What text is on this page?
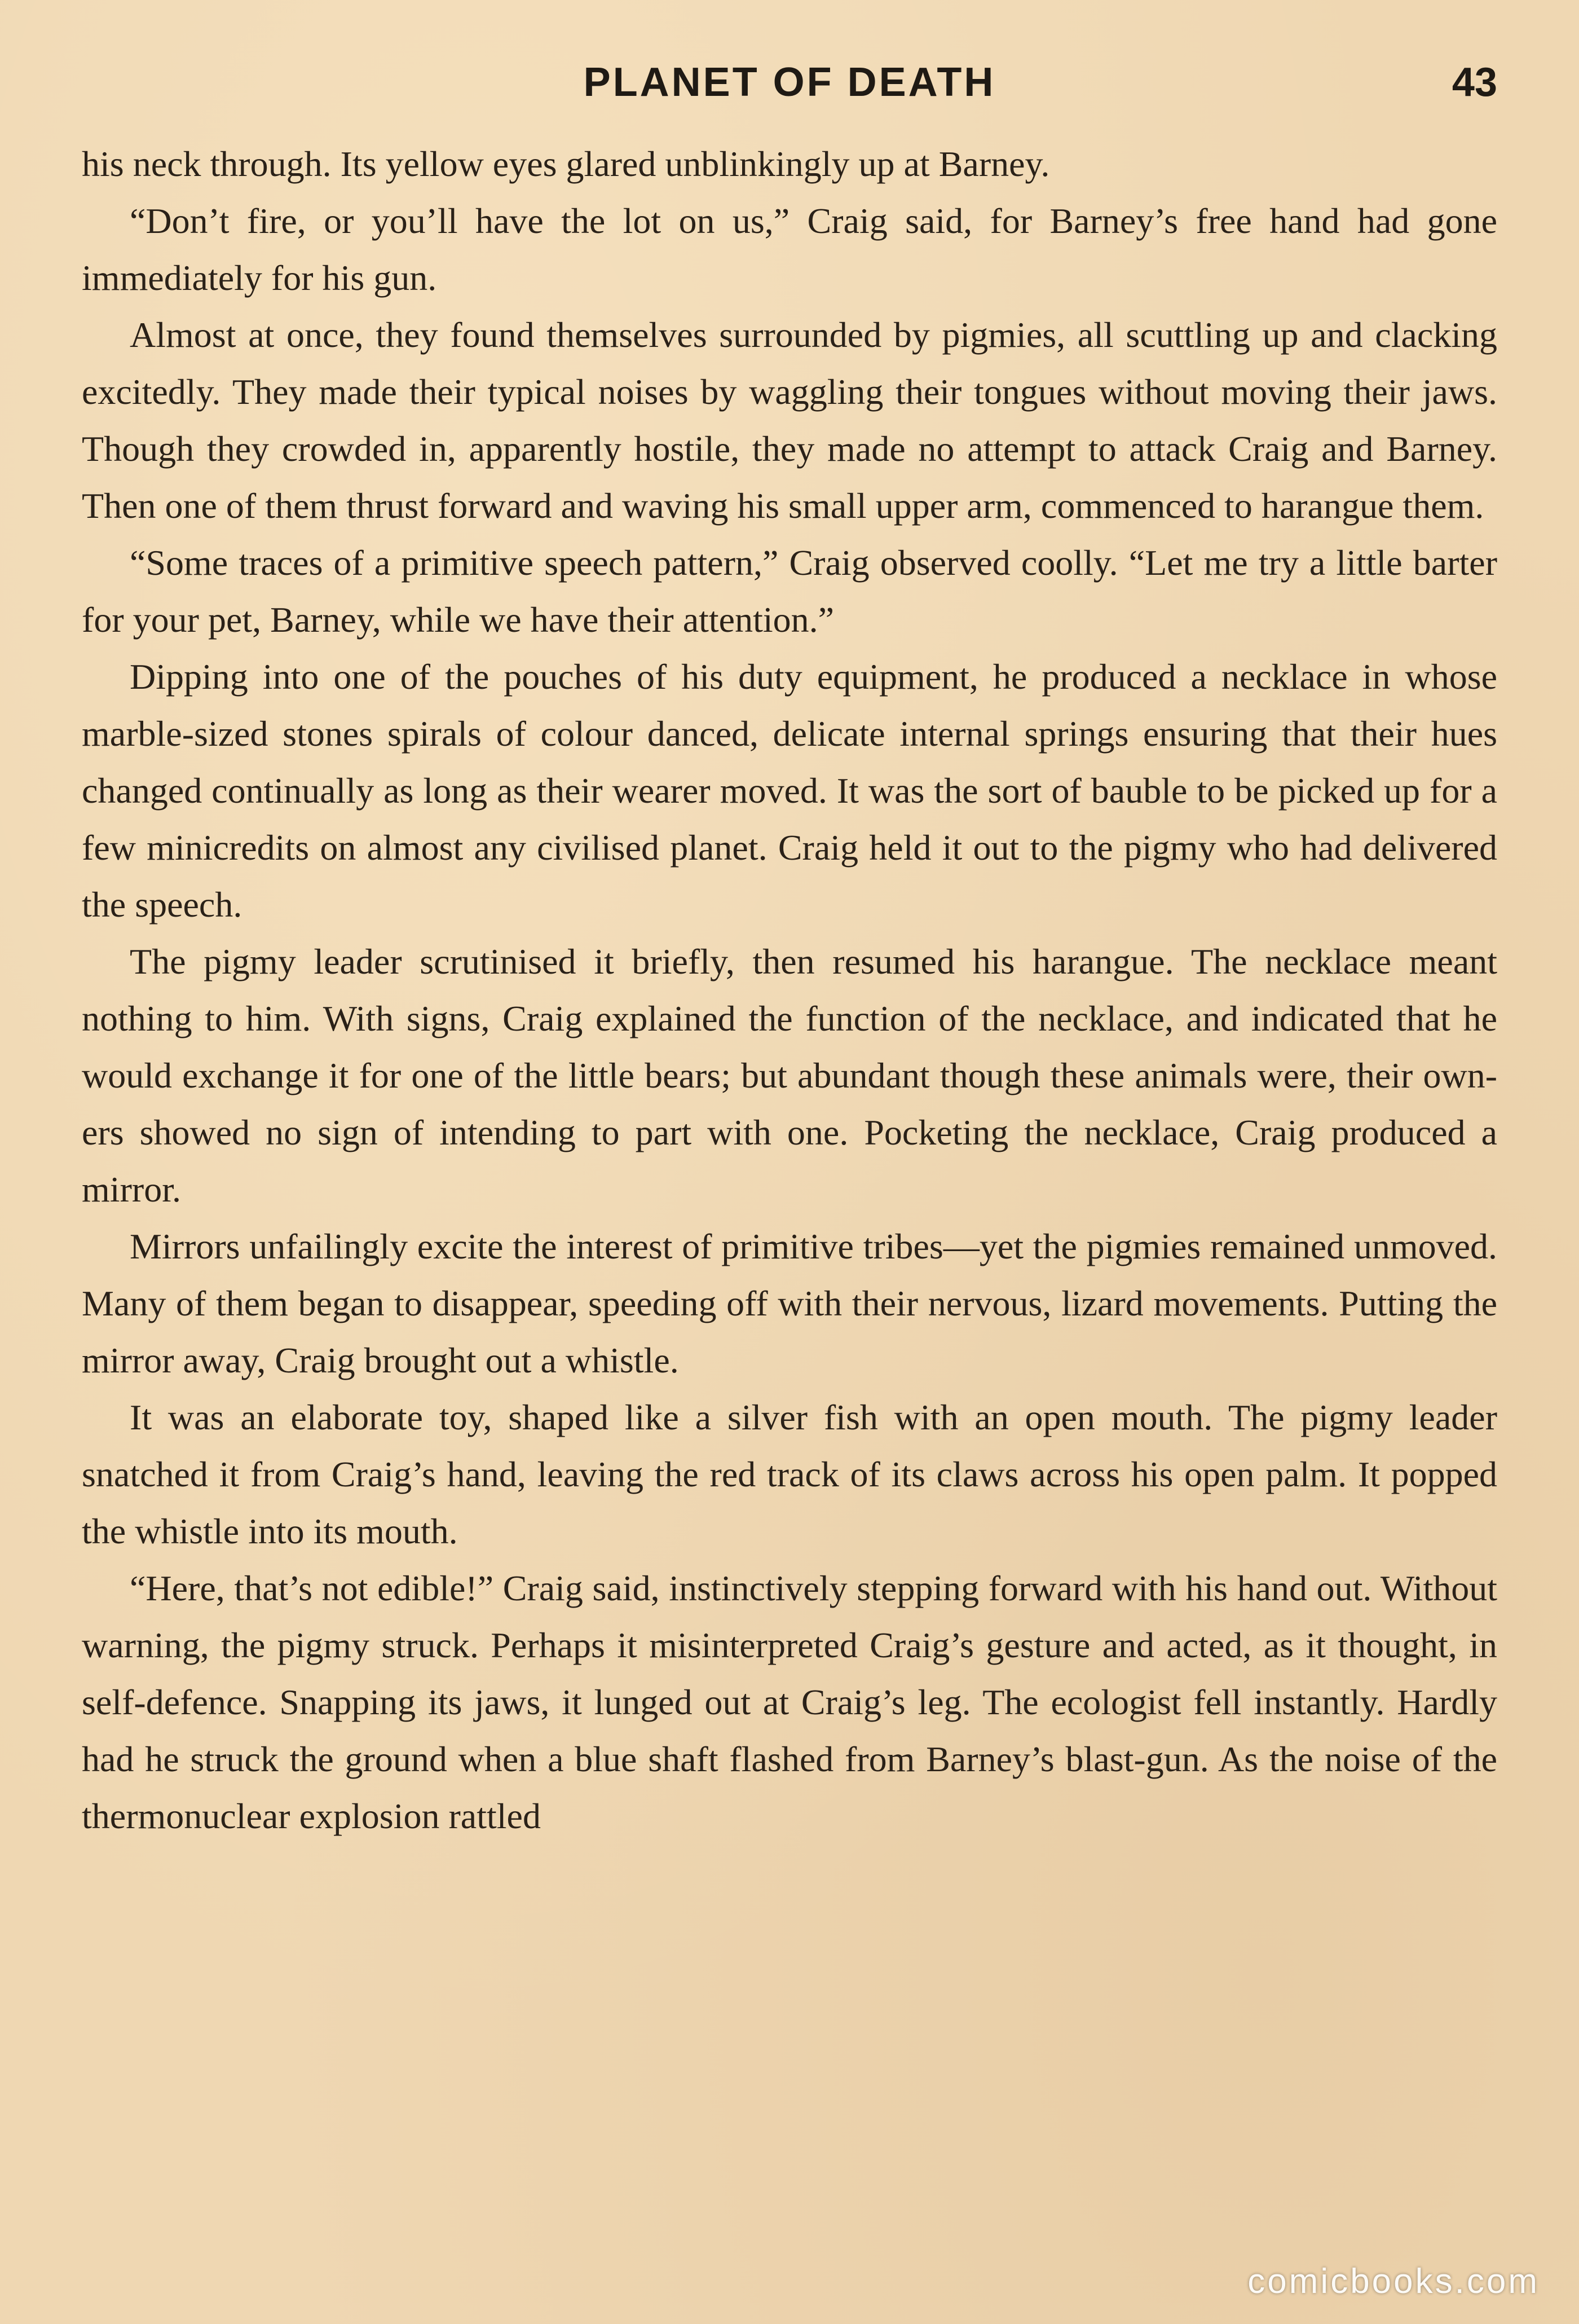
PLANET OF DEATH	43

his neck through. Its yellow eyes glared unblinkingly up at Barney.

“Don’t fire, or you’ll have the lot on us,” Craig said, for Barney’s free hand had gone immediately for his gun.

Almost at once, they found themselves surrounded by pigmies, all scuttling up and clacking excitedly. They made their typical noises by waggling their tongues without moving their jaws. Though they crowded in, apparently hostile, they made no attempt to attack Craig and Barney. Then one of them thrust forward and waving his small upper arm, commenced to harangue them.

“Some traces of a primitive speech pattern,” Craig observed coolly. “Let me try a little barter for your pet, Barney, while we have their attention.”

Dipping into one of the pouches of his duty equipment, he produced a necklace in whose marble-sized stones spirals of colour danced, delicate internal springs ensuring that their hues changed continually as long as their wearer moved. It was the sort of bauble to be picked up for a few minicredits on almost any civilised planet. Craig held it out to the pigmy who had delivered the speech.

The pigmy leader scrutinised it briefly, then resumed his harangue. The necklace meant nothing to him. With signs, Craig explained the function of the necklace, and indicated that he would exchange it for one of the little bears; but abundant though these animals were, their owners showed no sign of intending to part with one. Pocketing the necklace, Craig produced a mirror.

Mirrors unfailingly excite the interest of primitive tribes—yet the pigmies remained unmoved. Many of them began to disappear, speeding off with their nervous, lizard movements. Putting the mirror away, Craig brought out a whistle.

It was an elaborate toy, shaped like a silver fish with an open mouth. The pigmy leader snatched it from Craig’s hand, leaving the red track of its claws across his open palm. It popped the whistle into its mouth.

“Here, that’s not edible!” Craig said, instinctively stepping forward with his hand out. Without warning, the pigmy struck. Perhaps it misinterpreted Craig’s gesture and acted, as it thought, in self-defence. Snapping its jaws, it lunged out at Craig’s leg. The ecologist fell instantly. Hardly had he struck the ground when a blue shaft flashed from Barney’s blast-gun. As the noise of the thermonuclear explosion rattled

comicbooks.com
